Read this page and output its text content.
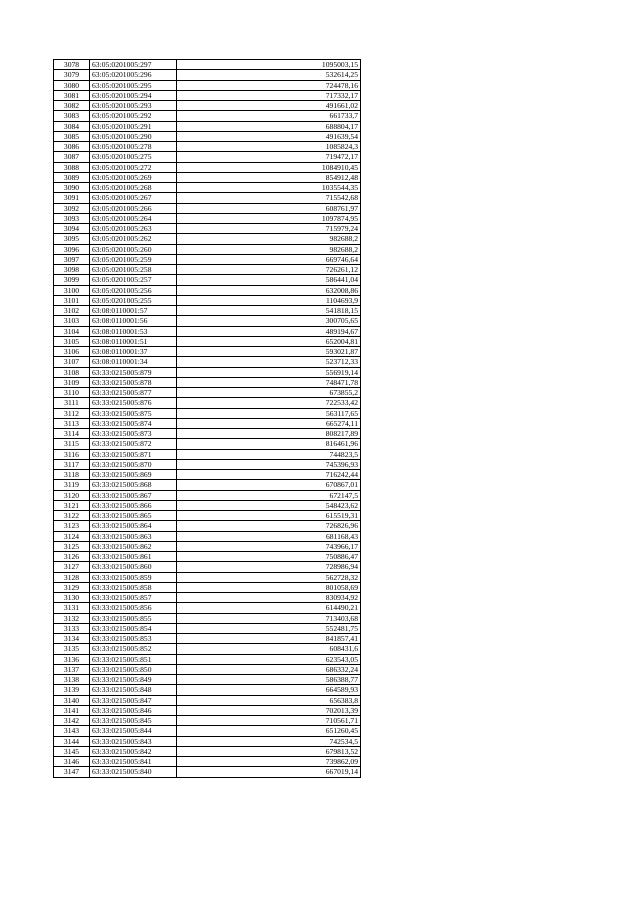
3078	63:05:0201005:297	1095003,15
3079	63:05:0201005:296	532614,25
3080	63:05:0201005:295	724478,16
3081	63:05:0201005:294	717332,17
3082	63:05:0201005:293	491661,02
3083	63:05:0201005:292	661733,7
3084	63:05:0201005:291	688804,17
3085	63:05:0201005:290	491639,54
3086	63:05:0201005:278	1085824,3
3087	63:05:0201005:275	719472,17
3088	63:05:0201005:272	1084910,45
3089	63:05:0201005:269	854912,48
3090	63:05:0201005:268	1035544,35
3091	63:05:0201005:267	715542,68
3092	63:05:0201005:266	608761,97
3093	63:05:0201005:264	1097874,95
3094	63:05:0201005:263	715979,24
3095	63:05:0201005:262	982688,2
3096	63:05:0201005:260	982688,2
3097	63:05:0201005:259	669746,64
3098	63:05:0201005:258	726261,12
3099	63:05:0201005:257	586441,04
3100	63:05:0201005:256	632008,86
3101	63:05:0201005:255	1104693,9
3102	63:08:0110001:57	541818,15
3103	63:08:0110001:56	300705,65
3104	63:08:0110001:53	489194,67
3105	63:08:0110001:51	652004,81
3106	63:08:0110001:37	593021,87
3107	63:08:0110001:34	523712,33
3108	63:33:0215005:879	556919,14
3109	63:33:0215005:878	748471,78
3110	63:33:0215005:877	673855,2
3111	63:33:0215005:876	722533,42
3112	63:33:0215005:875	563117,65
3113	63:33:0215005:874	665274,11
3114	63:33:0215005:873	808217,89
3115	63:33:0215005:872	816461,96
3116	63:33:0215005:871	744823,5
3117	63:33:0215005:870	745396,93
3118	63:33:0215005:869	716242,44
3119	63:33:0215005:868	670867,01
3120	63:33:0215005:867	672147,5
3121	63:33:0215005:866	548423,62
3122	63:33:0215005:865	615519,31
3123	63:33:0215005:864	726826,96
3124	63:33:0215005:863	681168,43
3125	63:33:0215005:862	743966,17
3126	63:33:0215005:861	750886,47
3127	63:33:0215005:860	728986,94
3128	63:33:0215005:859	562728,32
3129	63:33:0215005:858	801058,69
3130	63:33:0215005:857	830934,92
3131	63:33:0215005:856	614490,21
3132	63:33:0215005:855	713403,68
3133	63:33:0215005:854	552481,75
3134	63:33:0215005:853	841857,41
3135	63:33:0215005:852	608431,6
3136	63:33:0215005:851	623543,05
3137	63:33:0215005:850	686332,24
3138	63:33:0215005:849	586388,77
3139	63:33:0215005:848	664589,93
3140	63:33:0215005:847	656383,8
3141	63:33:0215005:846	702013,39
3142	63:33:0215005:845	710561,71
3143	63:33:0215005:844	651260,45
3144	63:33:0215005:843	742534,5
3145	63:33:0215005:842	679813,52
3146	63:33:0215005:841	739862,09
3147	63:33:0215005:840	667019,14
